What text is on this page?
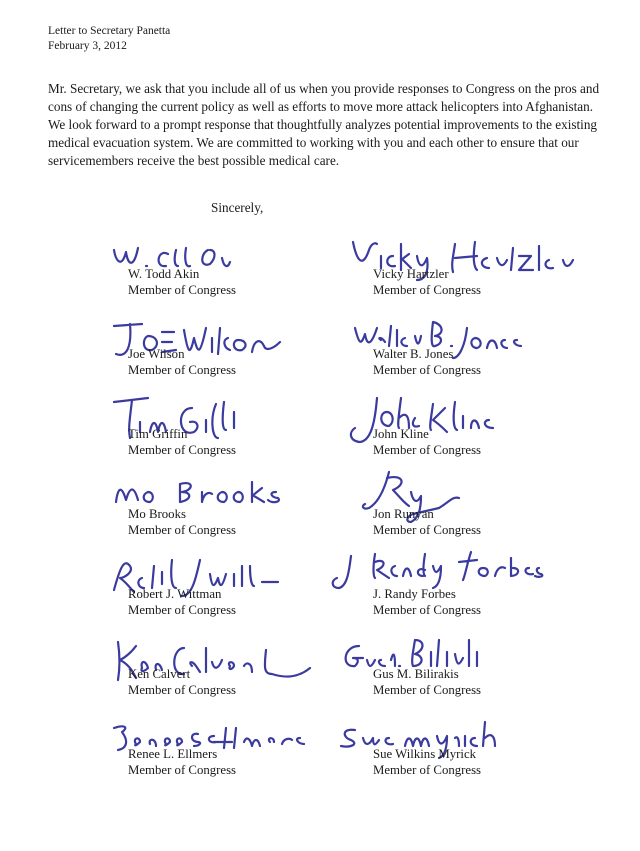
Letter to Secretary Panetta
February 3, 2012
Mr. Secretary, we ask that you include all of us when you provide responses to Congress on the pros and cons of changing the current policy as well as efforts to move more attack helicopters into Afghanistan. We look forward to a prompt response that thoughtfully analyzes potential improvements to the existing medical evacuation system. We are committed to working with you and each other to ensure that our servicemembers receive the best possible medical care.
Sincerely,
W. Todd Akin
Member of Congress
Joe Wilson
Member of Congress
Tim Griffin
Member of Congress
Mo Brooks
Member of Congress
Robert J. Wittman
Member of Congress
Ken Calvert
Member of Congress
Renee L. Ellmers
Member of Congress
Vicky Hartzler
Member of Congress
Walter B. Jones
Member of Congress
John Kline
Member of Congress
Jon Runyan
Member of Congress
J. Randy Forbes
Member of Congress
Gus M. Bilirakis
Member of Congress
Sue Wilkins Myrick
Member of Congress
